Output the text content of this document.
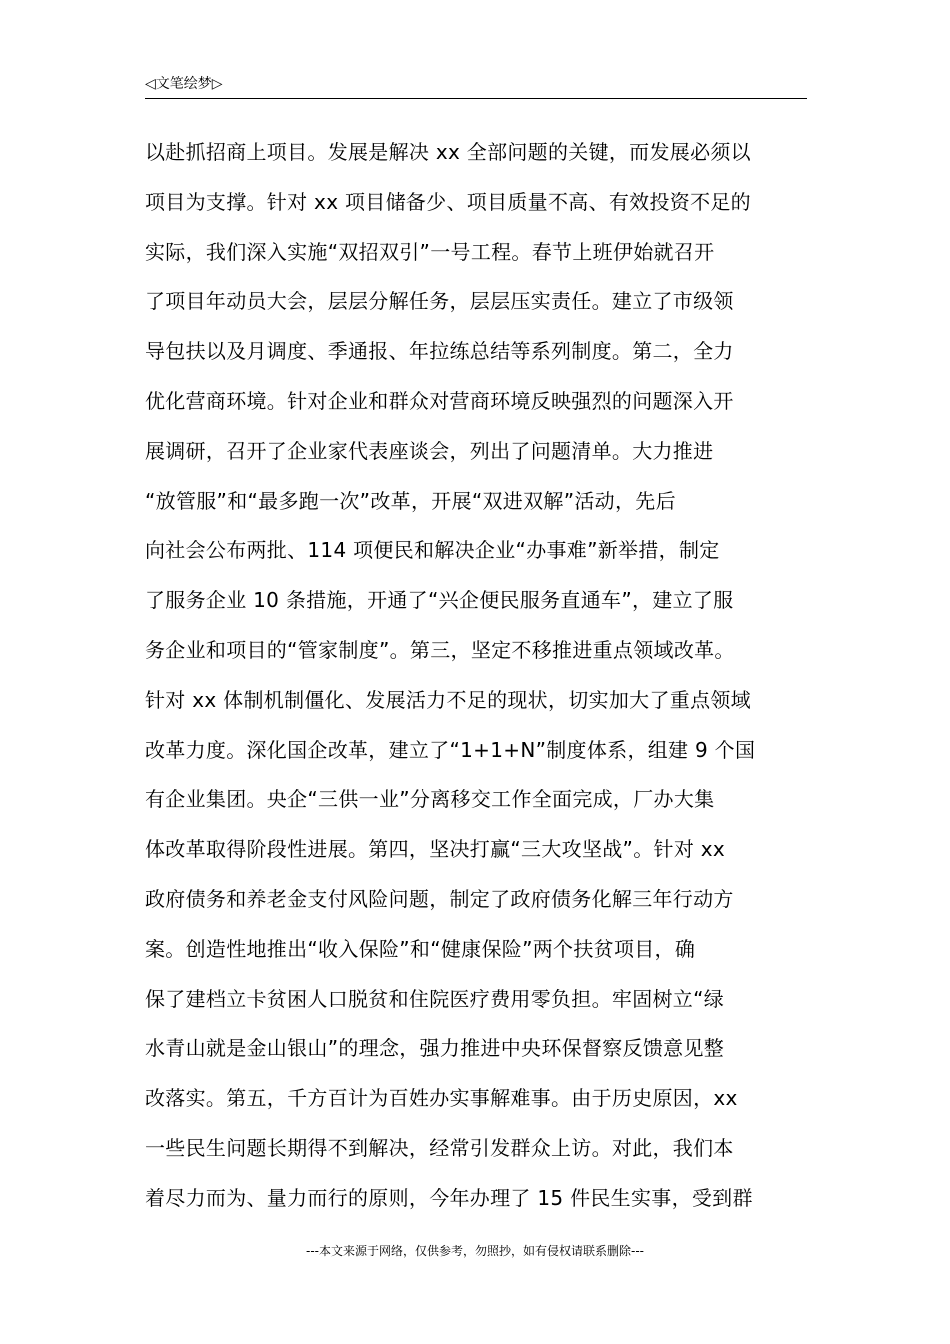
◁文笔绘梦▷
以赴抓招商上项目。发展是解决 xx 全部问题的关键，而发展必须以
项目为支撑。针对 xx 项目储备少、项目质量不高、有效投资不足的
实际，我们深入实施“双招双引”一号工程。春节上班伊始就召开
了项目年动员大会，层层分解任务，层层压实责任。建立了市级领
导包扶以及月调度、季通报、年拉练总结等系列制度。第二，全力
优化营商环境。针对企业和群众对营商环境反映强烈的问题深入开
展调研，召开了企业家代表座谈会，列出了问题清单。大力推进
“放管服”和“最多跑一次”改革，开展“双进双解”活动，先后
向社会公布两批、114 项便民和解决企业“办事难”新举措，制定
了服务企业 10 条措施，开通了“兴企便民服务直通车”，建立了服
务企业和项目的“管家制度”。第三，坚定不移推进重点领域改革。
针对 xx 体制机制僵化、发展活力不足的现状，切实加大了重点领域
改革力度。深化国企改革，建立了“1+1+N”制度体系，组建 9 个国
有企业集团。央企“三供一业”分离移交工作全面完成，厂办大集
体改革取得阶段性进展。第四，坚决打赢“三大攻坚战”。针对 xx
政府债务和养老金支付风险问题，制定了政府债务化解三年行动方
案。创造性地推出“收入保险”和“健康保险”两个扶贫项目，确
保了建档立卡贫困人口脱贫和住院医疗费用零负担。牢固树立“绿
水青山就是金山银山”的理念，强力推进中央环保督察反馈意见整
改落实。第五，千方百计为百姓办实事解难事。由于历史原因，xx
一些民生问题长期得不到解决，经常引发群众上访。对此，我们本
着尽力而为、量力而行的原则，今年办理了 15 件民生实事，受到群
---本文来源于网络，仅供参考，勿照抄，如有侵权请联系删除---
